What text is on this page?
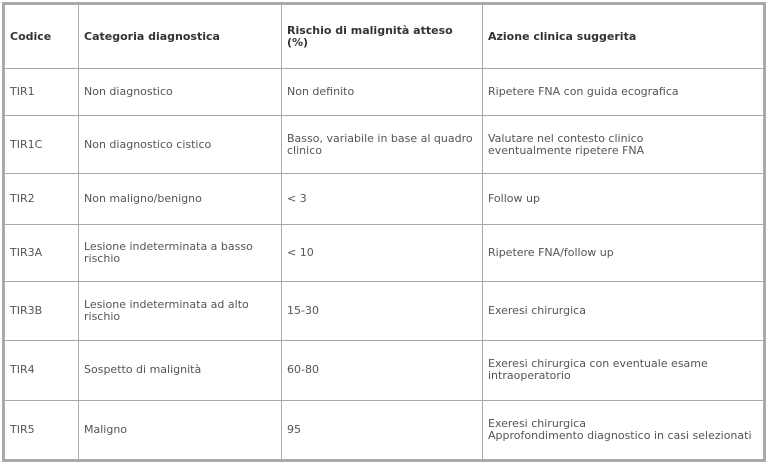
Codice	Categoria diagnostica	Rischio di malignità atteso (%)	Azione clinica suggerita
TIR1	Non diagnostico	Non definito	Ripetere FNA con guida ecografica

TIR1C	Non diagnostico cistico	Basso, variabile in base al quadro clinico	Valutare nel contesto clinico
eventualmente ripetere FNA

TIR2	Non maligno/benigno	< 3	Follow up

TIR3A	Lesione indeterminata a basso rischio	< 10	Ripetere FNA/follow up

TIR3B	Lesione indeterminata ad alto rischio	15-30	Exeresi chirurgica

TIR4	Sospetto di malignità	60-80	Exeresi chirurgica con eventuale esame intraoperatorio

TIR5	Maligno	95	Exeresi chirurgica
Approfondimento diagnostico in casi selezionati
